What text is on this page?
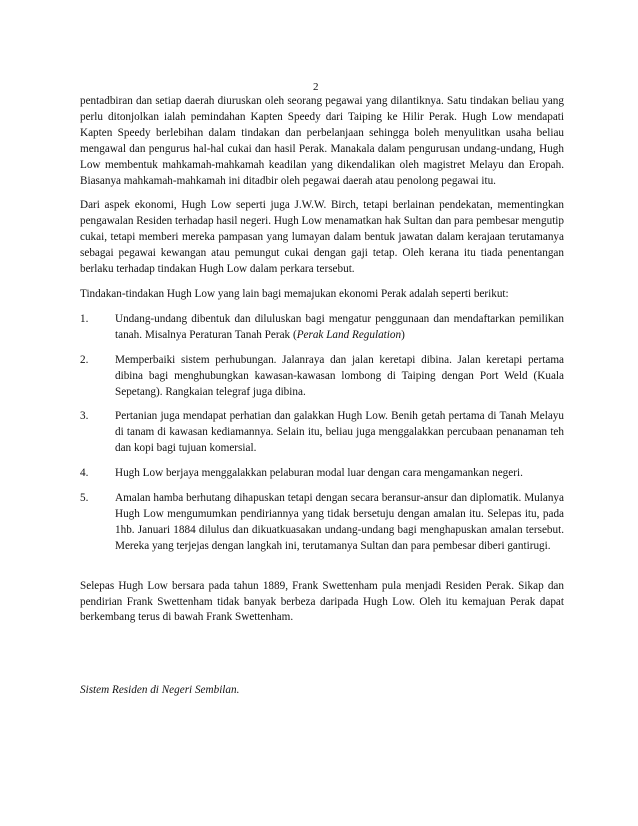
2

pentadbiran dan setiap daerah diuruskan oleh seorang pegawai yang dilantiknya. Satu tindakan beliau yang perlu ditonjolkan ialah pemindahan Kapten Speedy dari Taiping ke Hilir Perak. Hugh Low mendapati Kapten Speedy berlebihan dalam tindakan dan perbelanjaan sehingga boleh menyulitkan usaha beliau mengawal dan pengurus hal-hal cukai dan hasil Perak. Manakala dalam pengurusan undang-undang, Hugh Low membentuk mahkamah-mahkamah keadilan yang dikendalikan oleh magistret Melayu dan Eropah. Biasanya mahkamah-mahkamah ini ditadbir oleh pegawai daerah atau penolong pegawai itu.

Dari aspek ekonomi, Hugh Low seperti juga J.W.W. Birch, tetapi berlainan pendekatan, mementingkan pengawalan Residen terhadap hasil negeri. Hugh Low menamatkan hak Sultan dan para pembesar mengutip cukai, tetapi memberi mereka pampasan yang lumayan dalam bentuk jawatan dalam kerajaan terutamanya sebagai pegawai kewangan atau pemungut cukai dengan gaji tetap. Oleh kerana itu tiada penentangan berlaku terhadap tindakan Hugh Low dalam perkara tersebut.

Tindakan-tindakan Hugh Low yang lain bagi memajukan ekonomi Perak adalah seperti berikut:

1.	Undang-undang dibentuk dan diluluskan bagi mengatur penggunaan dan mendaftarkan pemilikan tanah. Misalnya Peraturan Tanah Perak (Perak Land Regulation)
2.	Memperbaiki sistem perhubungan. Jalanraya dan jalan keretapi dibina. Jalan keretapi pertama dibina bagi menghubungkan kawasan-kawasan lombong di Taiping dengan Port Weld (Kuala Sepetang). Rangkaian telegraf juga dibina.
3.	Pertanian juga mendapat perhatian dan galakkan Hugh Low. Benih getah pertama di Tanah Melayu di tanam di kawasan kediamannya. Selain itu, beliau juga menggalakkan percubaan penanaman teh dan kopi bagi tujuan komersial.
4.	Hugh Low berjaya menggalakkan pelaburan modal luar dengan cara mengamankan negeri.
5.	Amalan hamba berhutang dihapuskan tetapi dengan secara beransur-ansur dan diplomatik. Mulanya Hugh Low mengumumkan pendiriannya yang tidak bersetuju dengan amalan itu. Selepas itu, pada 1hb. Januari 1884 dilulus dan dikuatkuasakan undang-undang bagi menghapuskan amalan tersebut. Mereka yang terjejas dengan langkah ini, terutamanya Sultan dan para pembesar diberi gantirugi.

Selepas Hugh Low bersara pada tahun 1889, Frank Swettenham pula menjadi Residen Perak. Sikap dan pendirian Frank Swettenham tidak banyak berbeza daripada Hugh Low. Oleh itu kemajuan Perak dapat berkembang terus di bawah Frank Swettenham.

Sistem Residen di Negeri Sembilan.
